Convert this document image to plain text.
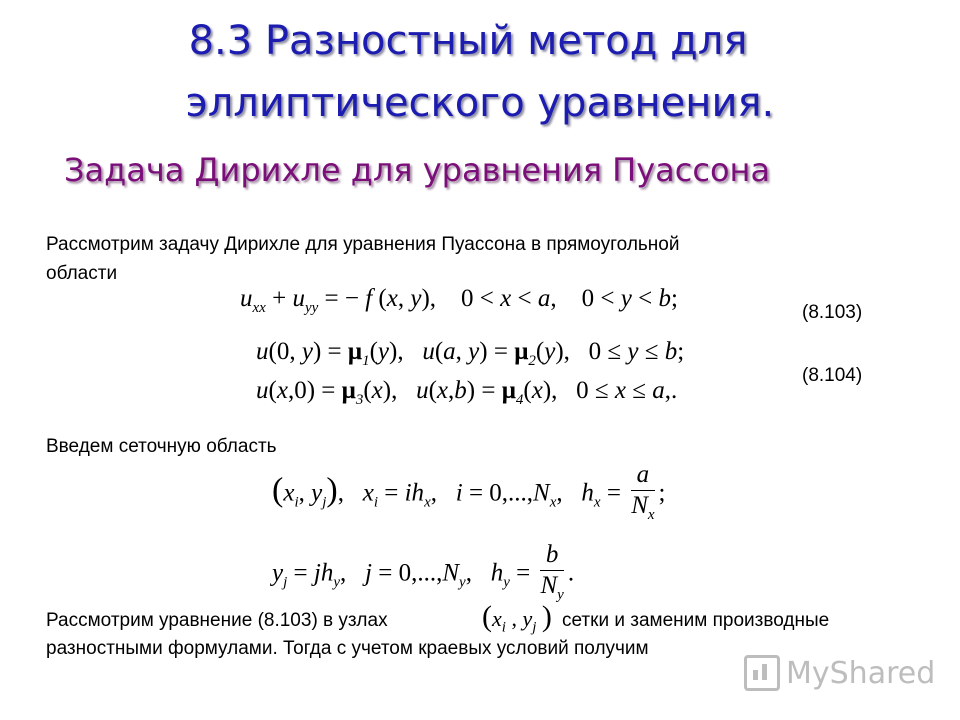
8.3 Разностный метод для
эллиптического уравнения.
Задача Дирихле для уравнения Пуассона
Рассмотрим задачу Дирихле для уравнения Пуассона в прямоугольной
области
$u_{xx} + u_{yy}$ = − f (x, y),    0 < x < a,    0 < y < b;
(8.103)
u(0, $y) = \mu_1(y)$,   u(a, $y) = \mu_2(y)$,   0 ≤ y ≤ b;
$u(x,0) = \mu_3(x)$,   $u(x,b) = \mu_4(x)$,   0 ≤ x ≤ a,.
(8.104)
Введем сеточную область
($x_i$, $y_j$),   $x_i = ih_x$,   $i = 0,...,N_x$,   $h_x = \frac{a}{N_x}$ ;
$y_j = jh_y$,   $j = 0,...,N_y$,   $h_y = \frac{b}{N_y}$ .
Рассмотрим уравнение (8.103) в узлах	($x_i$ , $y_j$ ) сетки и заменим производные
разностными формулами. Тогда с учетом краевых условий получим
MyShared
